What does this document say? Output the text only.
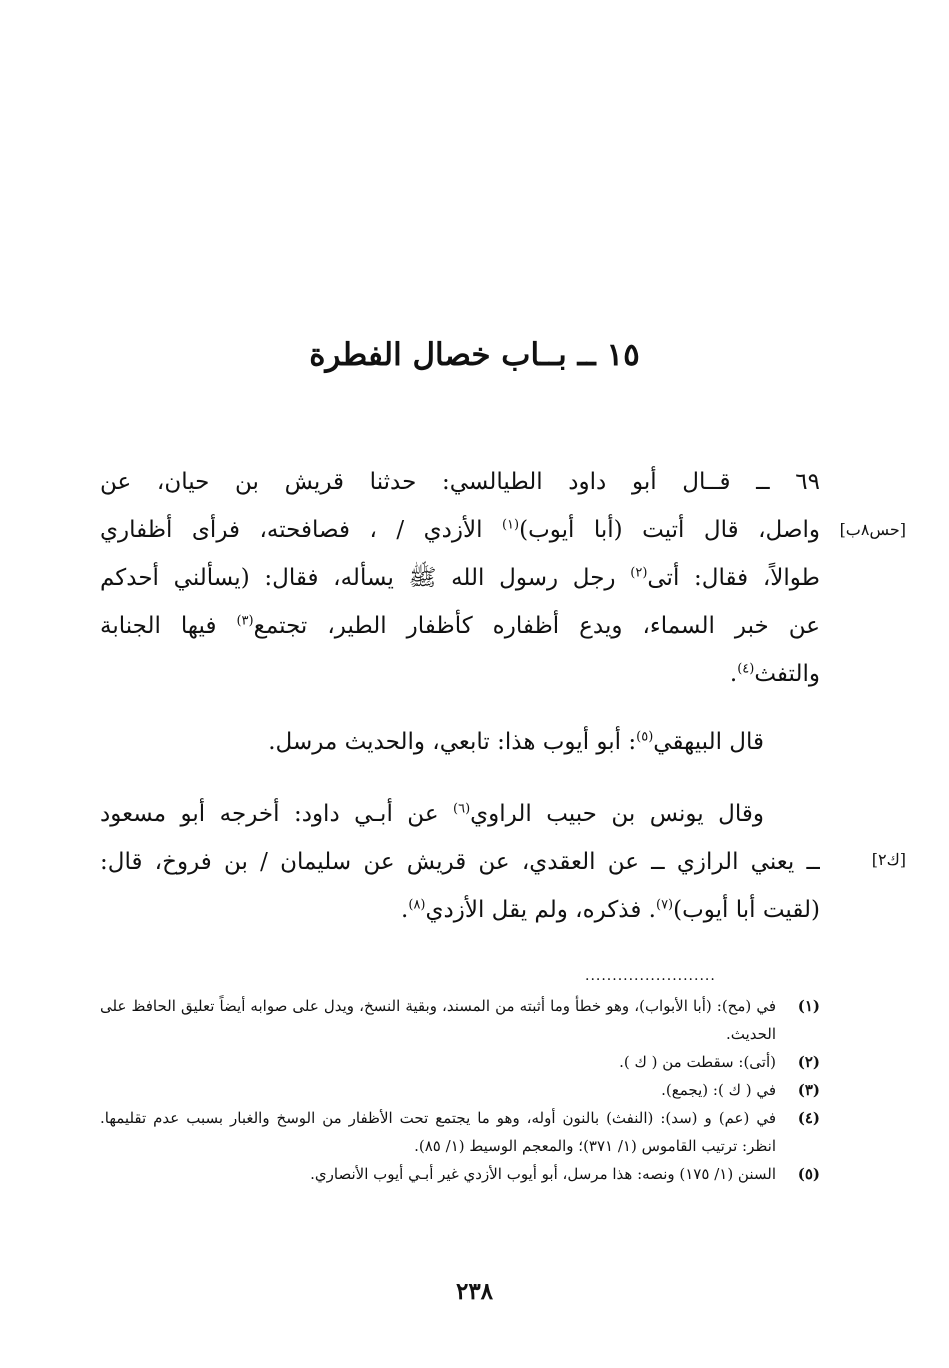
١٥ ــ بــاب خصال الفطرة
٦٩ ــ قــال أبو داود الطيالسي: حدثنا قريش بن حيان، عن
واصل، قال أتيت (أبا أيوب)$^{(١)}$ الأزدي / ، فصافحته، فرأى أظفاري
طوالاً، فقال: أتى$^{(٢)}$ رجل رسول الله ﷺ يسأله، فقال: (يسألني أحدكم
عن خبر السماء، ويدع أظفاره كأظفار الطير، تجتمع$^{(٣)}$ فيها الجنابة
والتفث$^{(٤)}$.
[حس٨ب]
قال البيهقي$^{(٥)}$: أبو أيوب هذا: تابعي، والحديث مرسل.
وقال يونس بن حبيب الراوي$^{(٦)}$ عن أبـي داود: أخرجه أبو مسعود
ــ يعني الرازي ــ عن العقدي، عن قريش عن سليمان / بن فروخ، قال:
(لقيت أبا أيوب)$^{(٧)}$. فذكره، ولم يقل الأزدي$^{(٨)}$.
[ك٢]
........................
(١)
في (مح): (أبا الأبواب)، وهو خطأ وما أثبته من المسند، وبقية النسخ، ويدل على صوابه أيضاً تعليق الحافظ على الحديث.
(٢)
(أتى): سقطت من ( ك ).
(٣)
في ( ك ): (يجمع).
(٤)
في (عم) و (سد): (النفث) بالنون أوله، وهو ما يجتمع تحت الأظفار من الوسخ والغبار بسبب عدم تقليمها. انظر: ترتيب القاموس (١/ ٣٧١)؛ والمعجم الوسيط (١/ ٨٥).
(٥)
السنن (١/ ١٧٥) ونصه: هذا مرسل، أبو أيوب الأزدي غير أبـي أيوب الأنصاري.
٢٣٨
